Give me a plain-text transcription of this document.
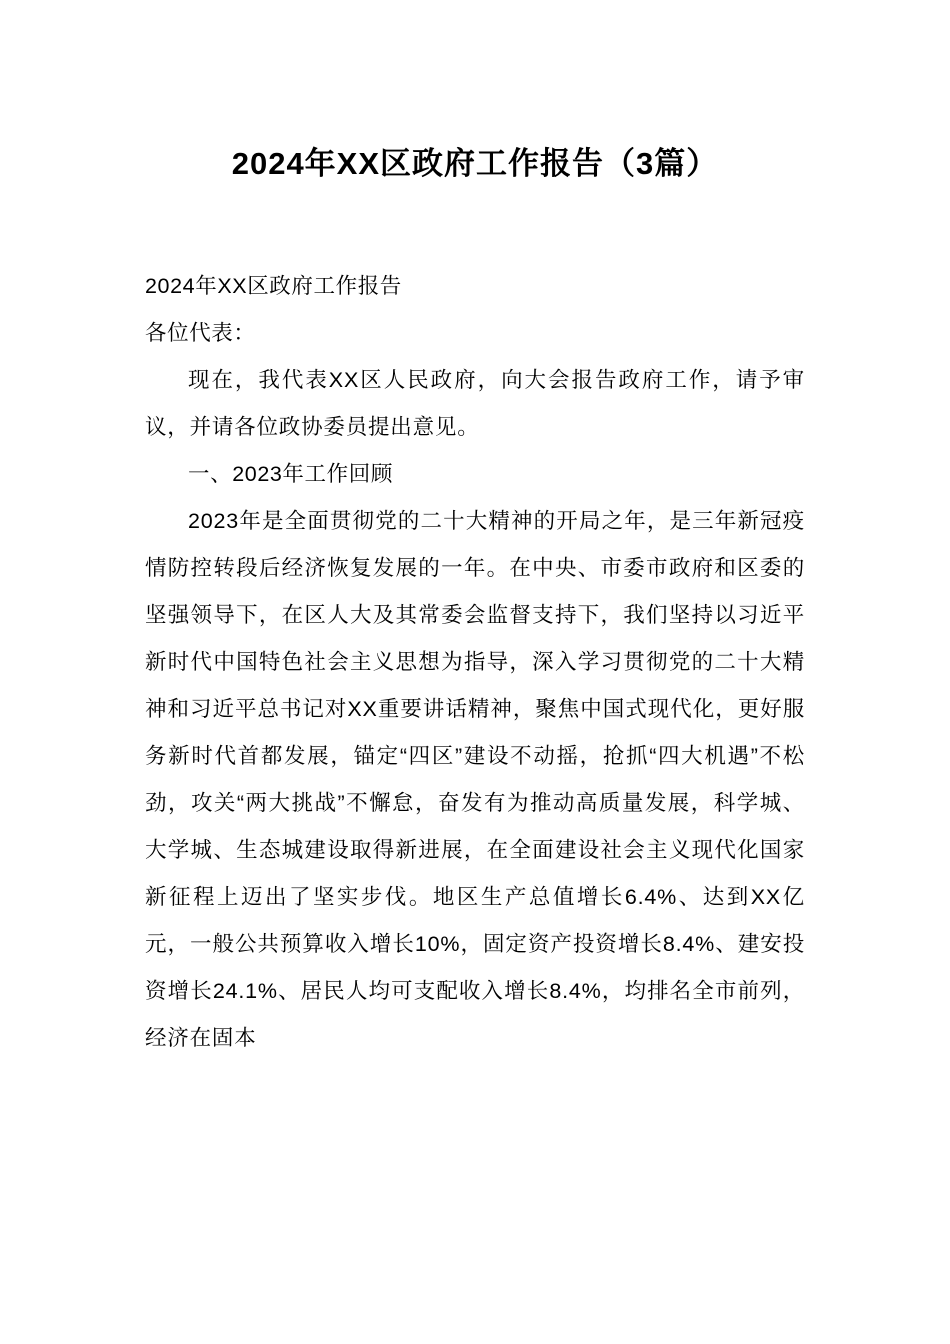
2024年XX区政府工作报告（3篇）

2024年XX区政府工作报告

各位代表：

现在，我代表XX区人民政府，向大会报告政府工作，请予审议，并请各位政协委员提出意见。

一、2023年工作回顾

2023年是全面贯彻党的二十大精神的开局之年，是三年新冠疫情防控转段后经济恢复发展的一年。在中央、市委市政府和区委的坚强领导下，在区人大及其常委会监督支持下，我们坚持以习近平新时代中国特色社会主义思想为指导，深入学习贯彻党的二十大精神和习近平总书记对XX重要讲话精神，聚焦中国式现代化，更好服务新时代首都发展，锚定“四区”建设不动摇，抢抓“四大机遇”不松劲，攻关“两大挑战”不懈怠，奋发有为推动高质量发展，科学城、大学城、生态城建设取得新进展，在全面建设社会主义现代化国家新征程上迈出了坚实步伐。地区生产总值增长6.4%、达到XX亿元，一般公共预算收入增长10%，固定资产投资增长8.4%、建安投资增长24.1%、居民人均可支配收入增长8.4%，均排名全市前列，经济在固本
